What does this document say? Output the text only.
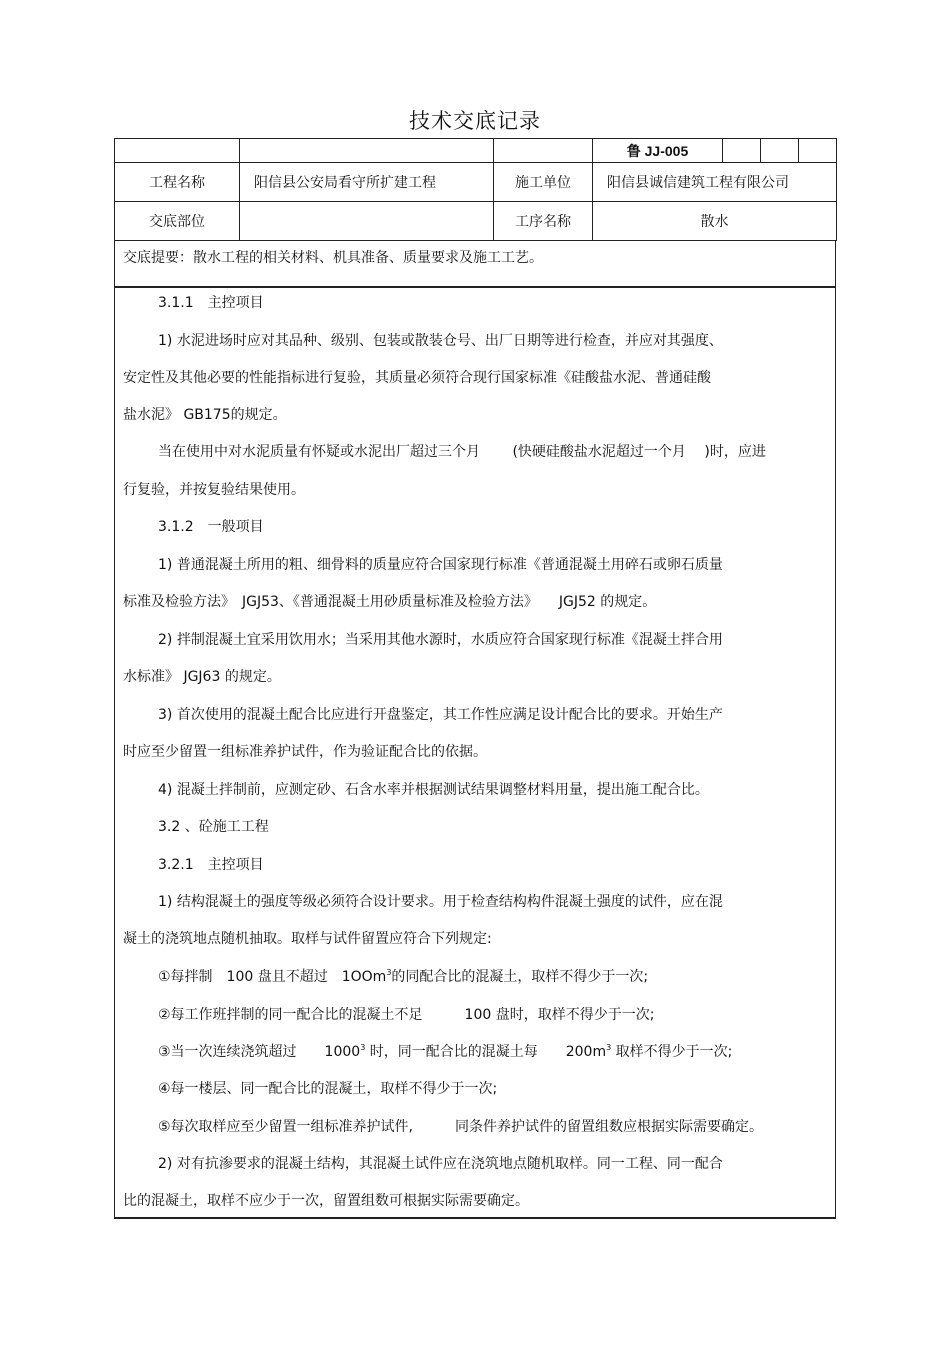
技术交底记录
			鲁 JJ-005			
工程名称	阳信县公安局看守所扩建工程	施工单位	阳信县诚信建筑工程有限公司			
交底部位		工序名称	散水			
交底提要：散水工程的相关材料、机具准备、质量要求及施工工艺。
3.1.1　主控项目
1) 水泥进场时应对其品种、级别、包装或散装仓号、出厂日期等进行检查，并应对其强度、
安定性及其他必要的性能指标进行复验，其质量必须符合现行国家标准《硅酸盐水泥、普通硅酸
盐水泥》 GB175的规定。
当在使用中对水泥质量有怀疑或水泥出厂超过三个月　　 (快硬硅酸盐水泥超过一个月　 )时，应进
行复验，并按复验结果使用。
3.1.2　一般项目
1) 普通混凝土所用的粗、细骨料的质量应符合国家现行标准《普通混凝土用碎石或卵石质量
标准及检验方法》　JGJ53、《普通混凝土用砂质量标准及检验方法》　　JGJ52 的规定。
2) 拌制混凝土宜采用饮用水；当采用其他水源时，水质应符合国家现行标准《混凝土拌合用
水标准》 JGJ63 的规定。
3) 首次使用的混凝土配合比应进行开盘鉴定，其工作性应满足设计配合比的要求。开始生产
时应至少留置一组标准养护试件，作为验证配合比的依据。
4) 混凝土拌制前，应测定砂、石含水率并根据测试结果调整材料用量，提出施工配合比。
3.2 、砼施工工程
3.2.1　主控项目
1) 结构混凝土的强度等级必须符合设计要求。用于检查结构构件混凝土强度的试件，应在混
凝土的浇筑地点随机抽取。取样与试件留置应符合下列规定:
①每拌制　100 盘且不超过　1OOm$^3$的同配合比的混凝土，取样不得少于一次;
②每工作班拌制的同一配合比的混凝土不足　　　100 盘时，取样不得少于一次;
③当一次连续浇筑超过　　1000$^3$ 时，同一配合比的混凝土每　　$200m^3$ 取样不得少于一次;
④每一楼层、同一配合比的混凝土，取样不得少于一次;
⑤每次取样应至少留置一组标准养护试件,　　　同条件养护试件的留置组数应根据实际需要确定。
2) 对有抗渗要求的混凝土结构，其混凝土试件应在浇筑地点随机取样。同一工程、同一配合
比的混凝土，取样不应少于一次，留置组数可根据实际需要确定。
